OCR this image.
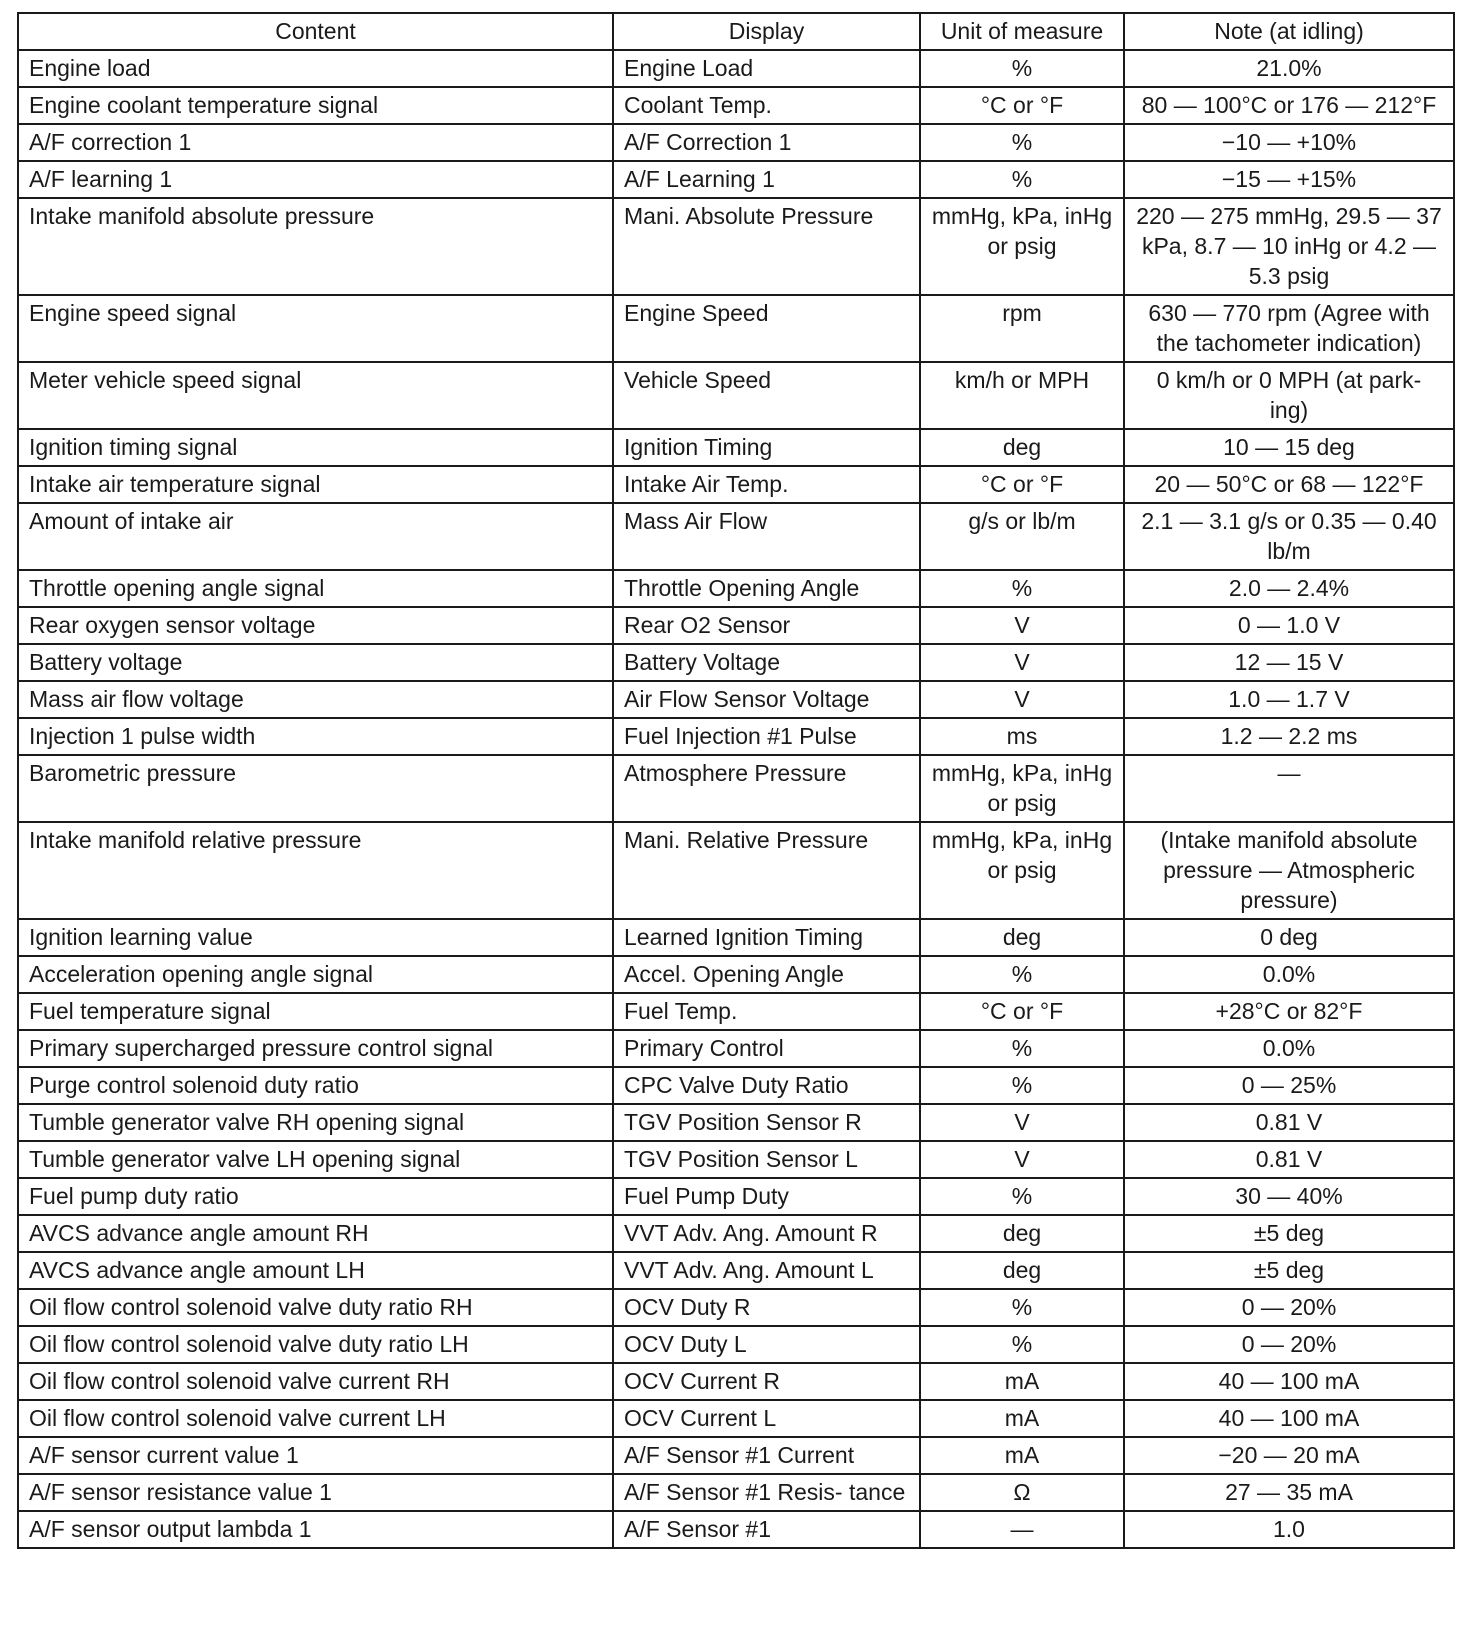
Content	Display	Unit of measure	Note (at idling)
Engine load	Engine Load	%	21.0%
Engine coolant temperature signal	Coolant Temp.	°C or °F	80 — 100°C or 176 — 212°F
A/F correction 1	A/F Correction 1	%	−10 — +10%
A/F learning 1	A/F Learning 1	%	−15 — +15%
Intake manifold absolute pressure	Mani. Absolute Pressure	mmHg, kPa, inHg or psig	220 — 275 mmHg, 29.5 — 37 kPa, 8.7 — 10 inHg or 4.2 — 5.3 psig
Engine speed signal	Engine Speed	rpm	630 — 770 rpm (Agree with the tachometer indication)
Meter vehicle speed signal	Vehicle Speed	km/h or MPH	0 km/h or 0 MPH (at park- ing)
Ignition timing signal	Ignition Timing	deg	10 — 15 deg
Intake air temperature signal	Intake Air Temp.	°C or °F	20 — 50°C or 68 — 122°F
Amount of intake air	Mass Air Flow	g/s or lb/m	2.1 — 3.1 g/s or 0.35 — 0.40 lb/m
Throttle opening angle signal	Throttle Opening Angle	%	2.0 — 2.4%
Rear oxygen sensor voltage	Rear O2 Sensor	V	0 — 1.0 V
Battery voltage	Battery Voltage	V	12 — 15 V
Mass air flow voltage	Air Flow Sensor Voltage	V	1.0 — 1.7 V
Injection 1 pulse width	Fuel Injection #1 Pulse	ms	1.2 — 2.2 ms
Barometric pressure	Atmosphere Pressure	mmHg, kPa, inHg or psig	—
Intake manifold relative pressure	Mani. Relative Pressure	mmHg, kPa, inHg or psig	(Intake manifold absolute pressure — Atmospheric pressure)
Ignition learning value	Learned Ignition Timing	deg	0 deg
Acceleration opening angle signal	Accel. Opening Angle	%	0.0%
Fuel temperature signal	Fuel Temp.	°C or °F	+28°C or 82°F
Primary supercharged pressure control signal	Primary Control	%	0.0%
Purge control solenoid duty ratio	CPC Valve Duty Ratio	%	0 — 25%
Tumble generator valve RH opening signal	TGV Position Sensor R	V	0.81 V
Tumble generator valve LH opening signal	TGV Position Sensor L	V	0.81 V
Fuel pump duty ratio	Fuel Pump Duty	%	30 — 40%
AVCS advance angle amount RH	VVT Adv. Ang. Amount R	deg	±5 deg
AVCS advance angle amount LH	VVT Adv. Ang. Amount L	deg	±5 deg
Oil flow control solenoid valve duty ratio RH	OCV Duty R	%	0 — 20%
Oil flow control solenoid valve duty ratio LH	OCV Duty L	%	0 — 20%
Oil flow control solenoid valve current RH	OCV Current R	mA	40 — 100 mA
Oil flow control solenoid valve current LH	OCV Current L	mA	40 — 100 mA
A/F sensor current value 1	A/F Sensor #1 Current	mA	−20 — 20 mA
A/F sensor resistance value 1	A/F Sensor #1 Resis- tance	Ω	27 — 35 mA
A/F sensor output lambda 1	A/F Sensor #1	—	1.0
